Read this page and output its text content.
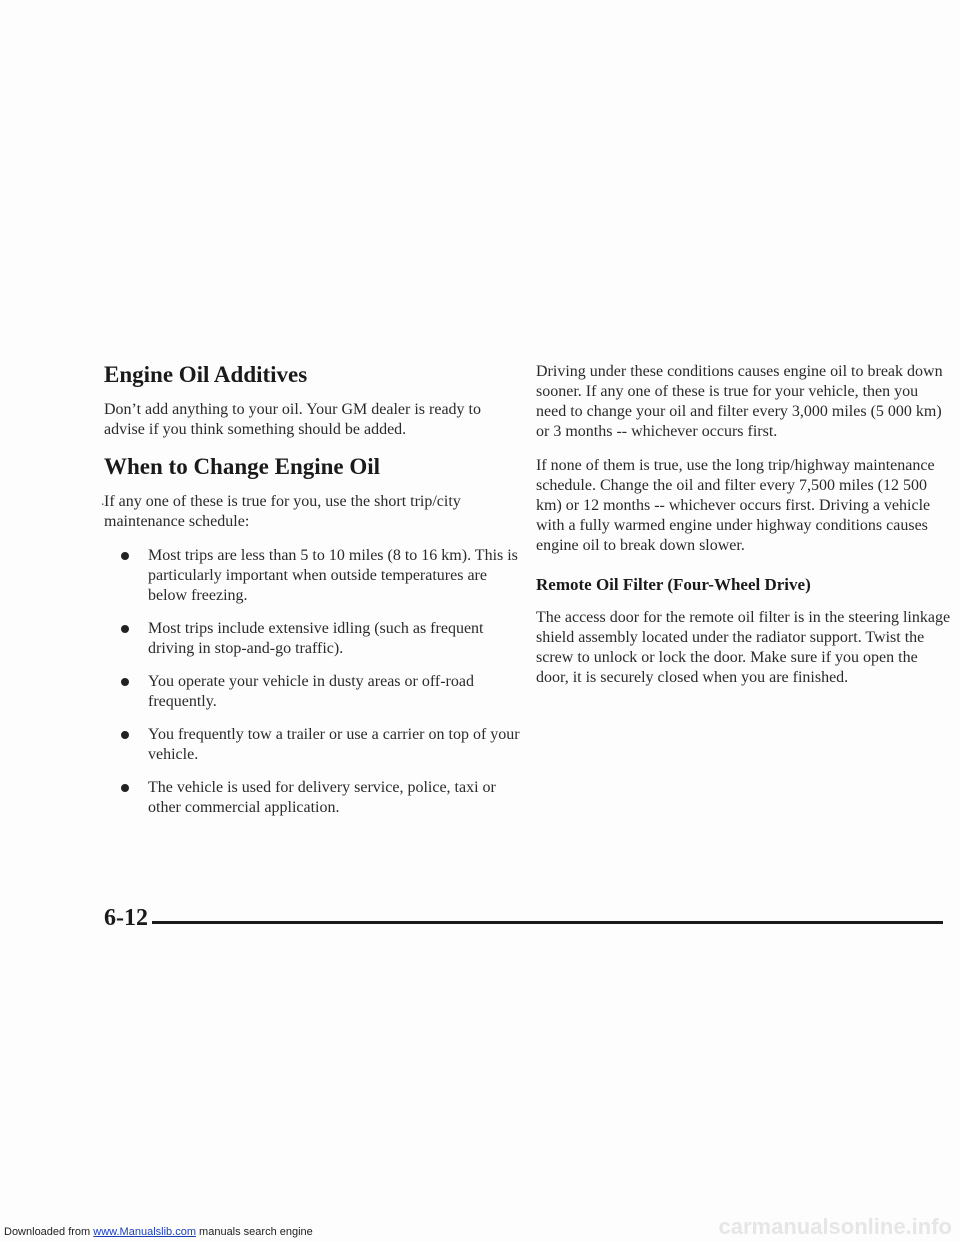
Engine Oil Additives

Don’t add anything to your oil. Your GM dealer is ready to advise if you think something should be added.

When to Change Engine Oil

If any one of these is true for you, use the short trip/city maintenance schedule:

Most trips are less than 5 to 10 miles (8 to 16 km). This is particularly important when outside temperatures are below freezing.
Most trips include extensive idling (such as frequent driving in stop-and-go traffic).
You operate your vehicle in dusty areas or off-road frequently.
You frequently tow a trailer or use a carrier on top of your vehicle.
The vehicle is used for delivery service, police, taxi or other commercial application.
.

Driving under these conditions causes engine oil to break down sooner. If any one of these is true for your vehicle, then you need to change your oil and filter every 3,000 miles (5 000 km) or 3 months -- whichever occurs first.

If none of them is true, use the long trip/highway maintenance schedule. Change the oil and filter every 7,500 miles (12 500 km) or 12 months -- whichever occurs first. Driving a vehicle with a fully warmed engine under highway conditions causes engine oil to break down slower.

Remote Oil Filter (Four-Wheel Drive)

The access door for the remote oil filter is in the steering linkage shield assembly located under the radiator support. Twist the screw to unlock or lock the door. Make sure if you open the door, it is securely closed when you are finished.

6-12
Downloaded from www.Manualslib.com manuals search engine	carmanualsonline.info
